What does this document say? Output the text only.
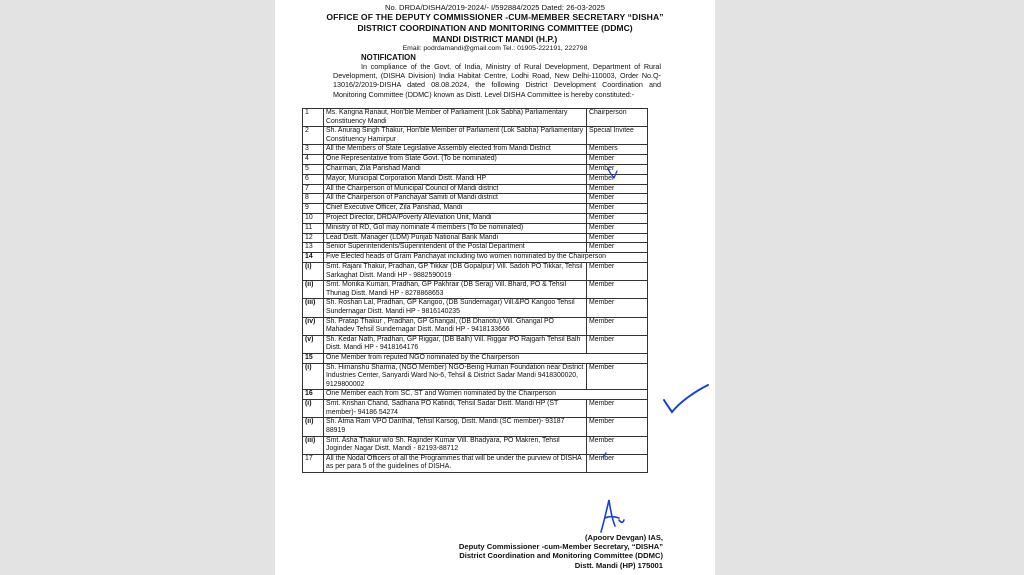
No. DRDA/DISHA/2019-2024/- I/592884/2025 Dated: 26-03-2025
OFFICE OF THE DEPUTY COMMISSIONER -CUM-MEMBER SECRETARY “DISHA”
DISTRICT COORDINATION AND MONITORING COMMITTEE (DDMC)
MANDI DISTRICT MANDI (H.P.)
Email: podrdamandi@gmail.com Tel.: 01905-222191, 222798
NOTIFICATION
In compliance of the Govt. of India, Ministry of Rural Development, Department of Rural Development, (DISHA Division) India Habitat Centre, Lodhi Road, New Delhi-110003, Order No.Q-13016/2/2019-DISHA dated 08.08.2024, the following District Development Coordination and Monitoring Committee (DDMC) known as Distt. Level DISHA Committee is hereby constituted:-
1	Ms. Kangna Ranaut, Hon'ble Member of Parliament (Lok Sabha) Parliamentary Constituency Mandi	Chairperson
2	Sh. Anurag Singh Thakur, Hon'ble Member of Parliament (Lok Sabha) Parliamentary Constituency Hamirpur	Special Invitee
3	All the Members of State Legislative Assembly elected from Mandi District	Members
4	One Representative from State Govt. (To be nominated)	Member
5	Chairman, Zila Parishad Mandi	Member
6	Mayor, Municipal Corporation Mandi Distt. Mandi HP	Member
7	All the Chairperson of Municipal Council of Mandi district	Member
8	All the Chairperson of Panchayat Samiti of Mandi district	Member
9	Chief Executive Officer, Zila Parishad, Mandi	Member
10	Project Director, DRDA/Poverty Alleviation Unit, Mandi	Member
11	Ministry of RD, GoI may nominate 4 members (To be nominated)	Member
12	Lead Distt. Manager (LDM) Punjab National Bank Mandi	Member
13	Senior Superintendents/Superintendent of the Postal Department	Member
14	Five Elected heads of Gram Panchayat including two women nominated by the Chairperson	
(i)	Smt. Rajani Thakur, Pradhan, GP Tikkar (DB Gopalpur) Vill. Sadoh PO Tikkar, Tehsil Sarkaghat Distt. Mandi HP - 9882590019	Member
(ii)	Smt. Monika Kumari, Pradhan, GP Pakhrair (DB Seraj) Vill. Bhard, PO & Tehsil Thunag Distt. Mandi HP - 8278868653	Member
(iii)	Sh. Roshan Lal, Pradhan, GP Kangoo, (DB Sundernagar) Vill.&PO Kangoo Tehsil Sundernagar Distt. Mandi HP - 9816140235	Member
(iv)	Sh. Pratap Thakur , Pradhan, GP Ghangal, (DB Dhanotu) Vill. Ghangal PO Mahadev Tehsil Sundernagar Distt. Mandi HP - 9418133666	Member
(v)	Sh. Kedar Nath, Pradhan, GP Riggar, (DB Balh) Vill. Riggar PO Rajgarh Tehsil Balh Distt. Mandi HP - 9418164176	Member
15	One Member from reputed NGO nominated by the Chairperson	
(i)	Sh. Himanshu Sharma, (NGO Member) NGO-Being Human Foundation near District Industries Center, Sanyardi Ward No-6, Tehsil & District Sadar Mandi 9418300020, 9129800002	Member
16	One Member each from SC, ST and Women nominated by the Chairperson	
(i)	Smt. Krishan Chand, Sadhana PO Katindi, Tehsil Sadar Distt. Mandi HP (ST member)- 94186 54274	Member
(ii)	Sh. Atma Ram VPO Danthal, Tehsil Karsog, Distt. Mandi (SC member)- 93187 88919	Member
(iii)	Smt. Asha Thakur w/o Sh. Rajinder Kumar Vill. Bhadyara, PO Makreri, Tehsil Joginder Nagar Distt. Mandi - 82193-88712	Member
17	All the Nodal Officers of all the Programmes that will be under the purview of DISHA as per para 5 of the guidelines of DISHA.	Member
(Apoorv Devgan) IAS,
Deputy Commissioner -cum-Member Secretary, “DISHA”
District Coordination and Monitoring Committee (DDMC)
Distt. Mandi (HP) 175001
